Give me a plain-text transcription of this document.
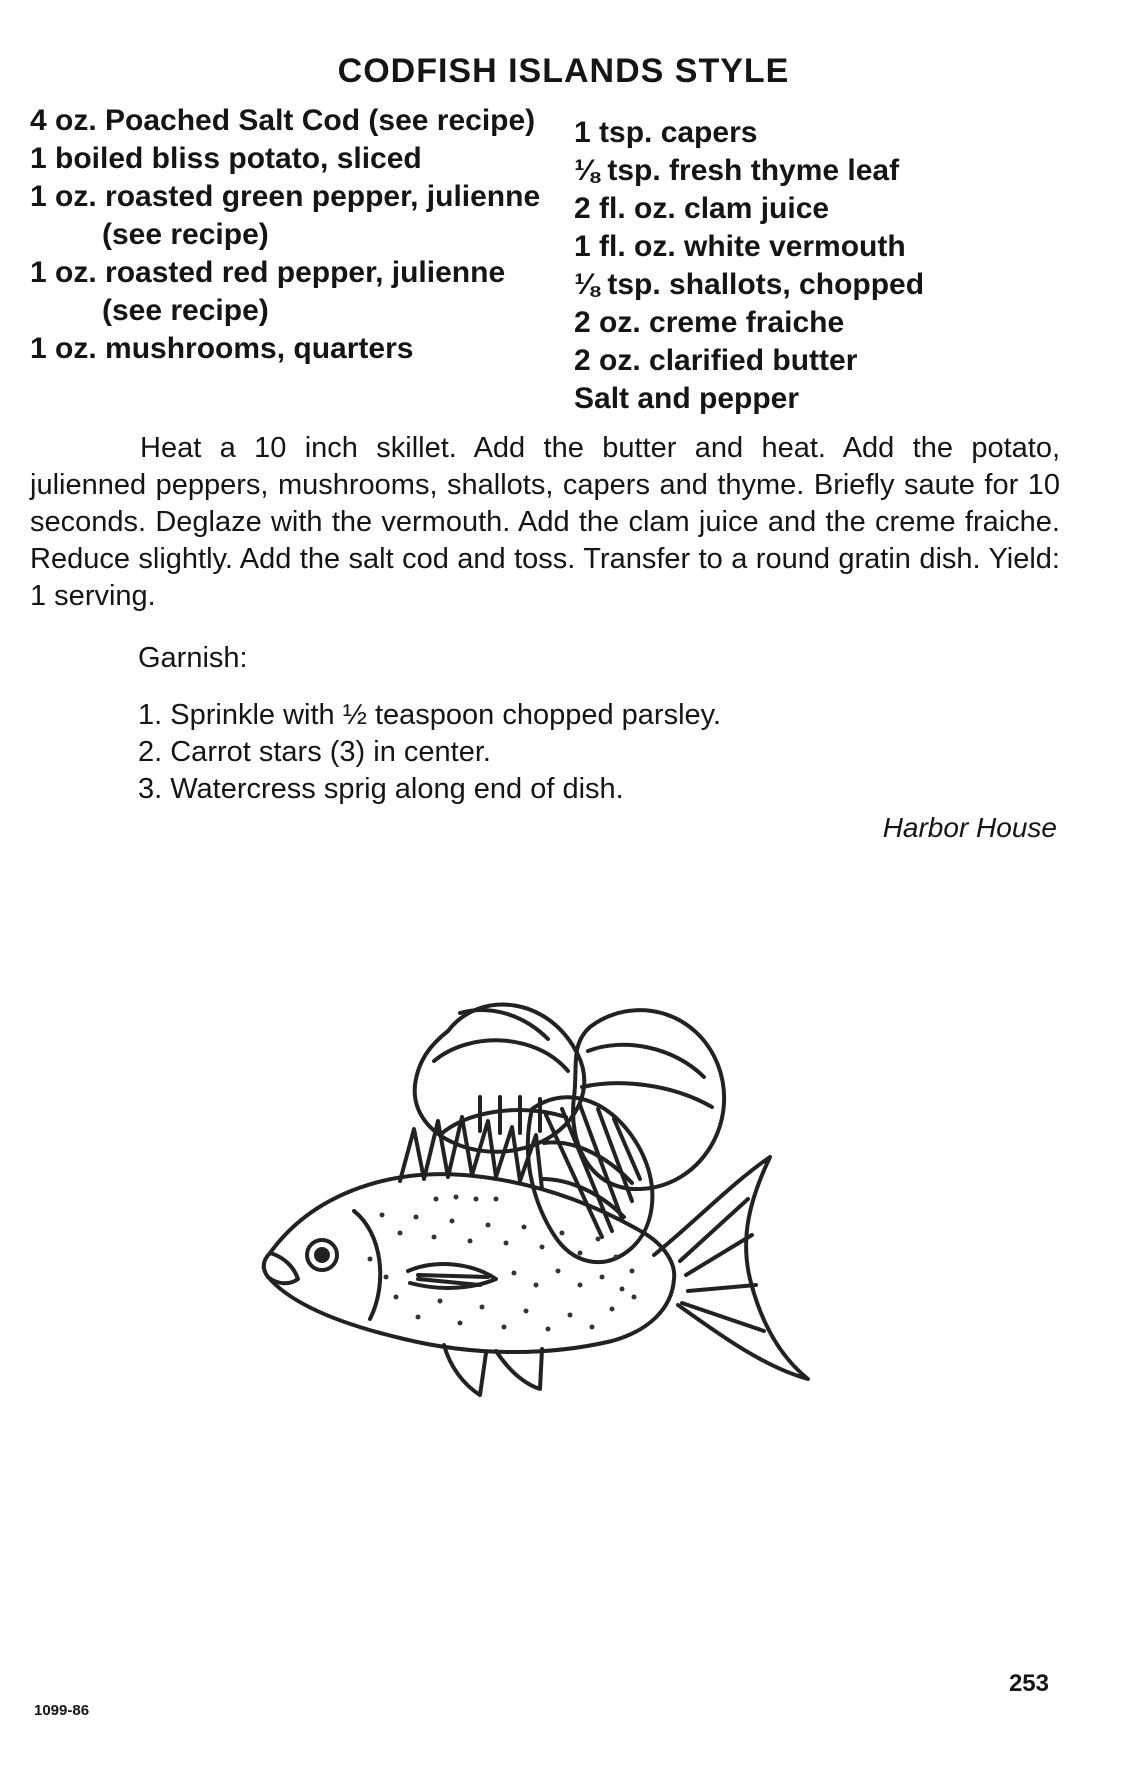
CODFISH ISLANDS STYLE
4 oz. Poached Salt Cod (see recipe)
1 boiled bliss potato, sliced
1 oz. roasted green pepper, julienne (see recipe)
1 oz. roasted red pepper, julienne (see recipe)
1 oz. mushrooms, quarters
1 tsp. capers
⅛ tsp. fresh thyme leaf
2 fl. oz. clam juice
1 fl. oz. white vermouth
⅛ tsp. shallots, chopped
2 oz. creme fraiche
2 oz. clarified butter
Salt and pepper
Heat a 10 inch skillet. Add the butter and heat. Add the potato, julienned peppers, mushrooms, shallots, capers and thyme. Briefly saute for 10 seconds. Deglaze with the vermouth. Add the clam juice and the creme fraiche. Reduce slightly. Add the salt cod and toss. Transfer to a round gratin dish. Yield: 1 serving.
Garnish:
1. Sprinkle with ½ teaspoon chopped parsley.
2. Carrot stars (3) in center.
3. Watercress sprig along end of dish.
Harbor House
253
1099-86
